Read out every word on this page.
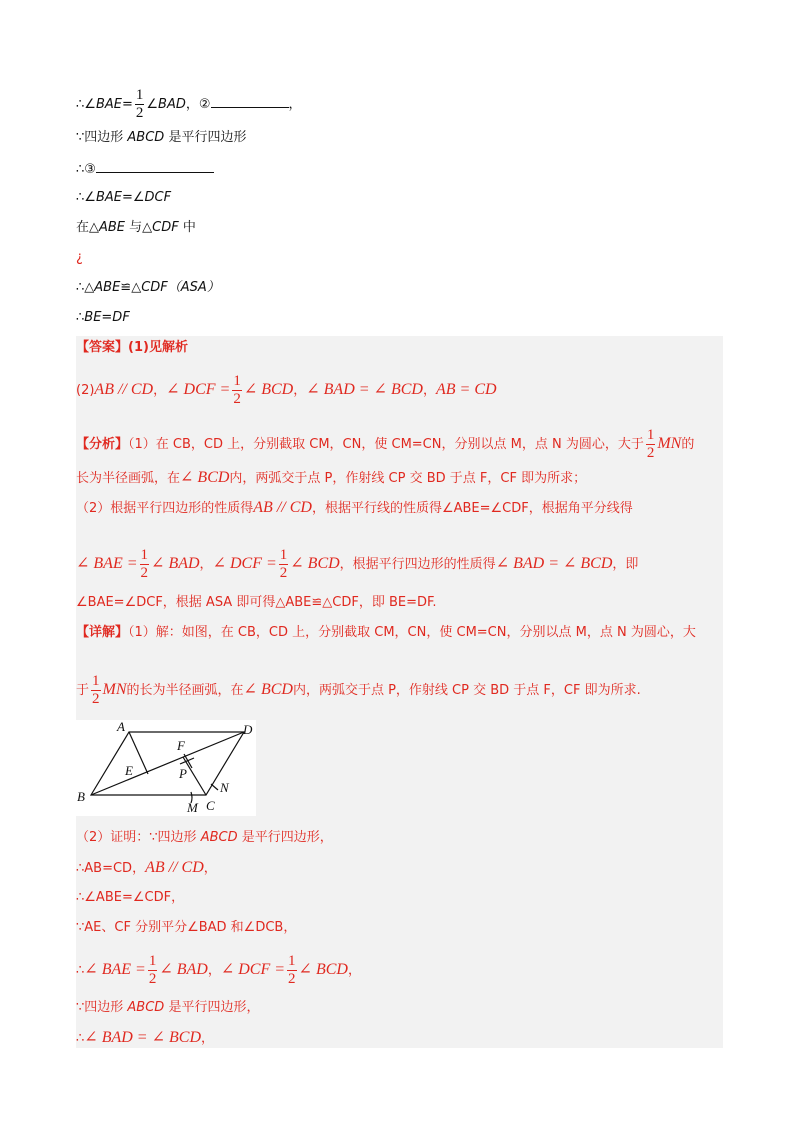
∴∠BAE= $\frac{1}{2}$ ∠BAD，②	，
∵四边形 ABCD 是平行四边形
∴③
∴∠BAE=∠DCF
在△ABE 与△CDF 中
¿
∴△ABE≌△CDF（ASA）
∴BE=DF
【答案】(1)见解析
(2)AB // CD，∠ DCF = $\frac{1}{2}$ ∠ BCD，∠ BAD = ∠ BCD，AB = CD
【分析】（1）在 CB，CD 上，分别截取 CM，CN，使 CM=CN，分别以点 M，点 N 为圆心，大于 $\frac{1}{2}$ MN的
长为半径画弧，在∠ BCD内，两弧交于点 P，作射线 CP 交 BD 于点 F，CF 即为所求；
（2）根据平行四边形的性质得AB // CD，根据平行线的性质得∠ABE=∠CDF，根据角平分线得
∠ BAE = $\frac{1}{2}$ ∠ BAD，∠ DCF = $\frac{1}{2}$ ∠ BCD，根据平行四边形的性质得∠ BAD = ∠ BCD，即
∠BAE=∠DCF，根据 ASA 即可得△ABE≌△CDF，即 BE=DF.
【详解】（1）解：如图，在 CB，CD 上，分别截取 CM，CN，使 CM=CN，分别以点 M，点 N 为圆心，大
于 $\frac{1}{2}$ MN的长为半径画弧，在∠ BCD内，两弧交于点 P，作射线 CP 交 BD 于点 F，CF 即为所求.
A
B
C
D
E
F
P
M
N
（2）证明：∵四边形 ABCD 是平行四边形，
∴AB=CD，AB // CD，
∴∠ABE=∠CDF，
∵AE、CF 分别平分∠BAD 和∠DCB，
∴∠ BAE = $\frac{1}{2}$ ∠ BAD，∠ DCF = $\frac{1}{2}$ ∠ BCD，
∵四边形 ABCD 是平行四边形，
∴∠ BAD = ∠ BCD，
